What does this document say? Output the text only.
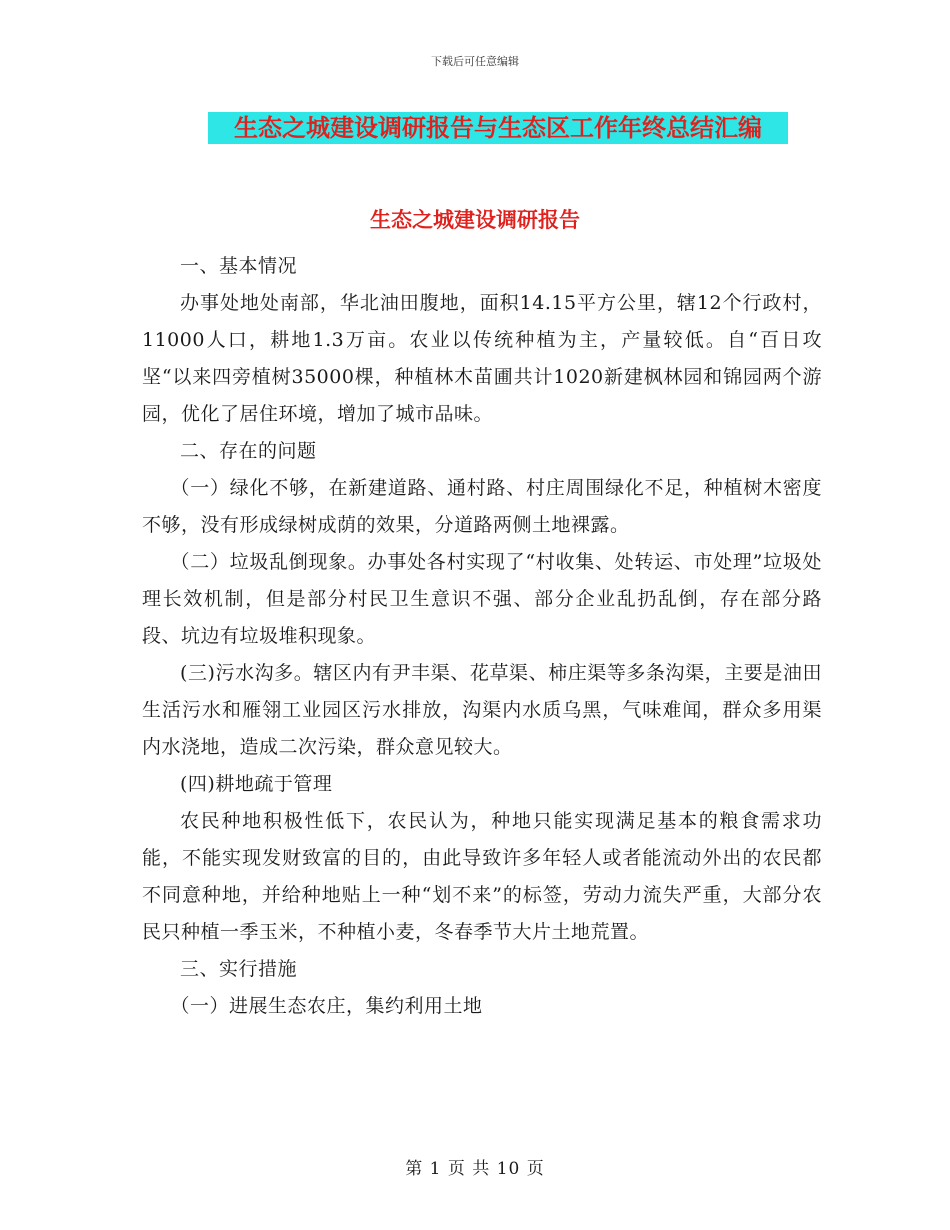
下载后可任意编辑
生态之城建设调研报告与生态区工作年终总结汇编
生态之城建设调研报告

一、基本情况

办事处地处南部，华北油田腹地，面积14.15平方公里，辖12个行政村，11000人口，耕地1.3万亩。农业以传统种植为主，产量较低。自“百日攻坚“以来四旁植树35000棵，种植林木苗圃共计1020新建枫林园和锦园两个游园，优化了居住环境，增加了城市品味。

二、存在的问题

（一）绿化不够，在新建道路、通村路、村庄周围绿化不足，种植树木密度不够，没有形成绿树成荫的效果，分道路两侧土地裸露。

（二）垃圾乱倒现象。办事处各村实现了“村收集、处转运、市处理”垃圾处理长效机制，但是部分村民卫生意识不强、部分企业乱扔乱倒，存在部分路段、坑边有垃圾堆积现象。

(三)污水沟多。辖区内有尹丰渠、花草渠、柿庄渠等多条沟渠，主要是油田生活污水和雁翎工业园区污水排放，沟渠内水质乌黑，气味难闻，群众多用渠内水浇地，造成二次污染，群众意见较大。

(四)耕地疏于管理

农民种地积极性低下，农民认为，种地只能实现满足基本的粮食需求功能，不能实现发财致富的目的，由此导致许多年轻人或者能流动外出的农民都不同意种地，并给种地贴上一种“划不来”的标签，劳动力流失严重，大部分农民只种植一季玉米，不种植小麦，冬春季节大片土地荒置。

三、实行措施

（一）进展生态农庄，集约利用土地

第 1 页 共 10 页
